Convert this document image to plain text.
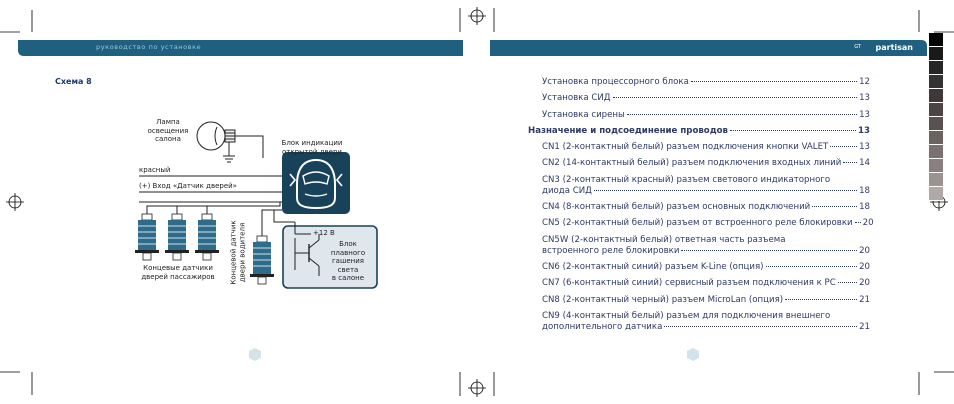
руководство по установке	GT partisan
Схема 8
Лампа
освещения
салона	Блок индикации
открытой двери
красный
(+) Вход «Датчик дверей»
Концевые датчики
дверей пассажиров	Концевой датчик двери водителя	+12 В
Блок
плавного
гашения
света
в салоне
Установка процессорного блока	12
Установка СИД	13
Установка сирены	13
Назначение и подсоединение проводов	13
CN1 (2-контактный белый) разъем подключения кнопки VALET	13
CN2 (14-контактный белый) разъем подключения входных линий 14
CN3 (2-контактный красный) разъем светового индикаторного
диода СИД	18
CN4 (8-контактный белый) разъем основных подключений	18
CN5 (2-контактный белый) разъем от встроенного реле блокировки 20
CN5W (2-контактный белый) ответная часть разъема
встроенного реле блокировки	20
CN6 (2-контактный синий) разъем K-Line (опция)	20
CN7 (6-контактный синий) сервисный разъем подключения к PC	20
CN8 (2-контактный черный) разъем MicroLan (опция)	21
CN9 (4-контактный белый) разъем для подключения внешнего
дополнительного датчика	21
